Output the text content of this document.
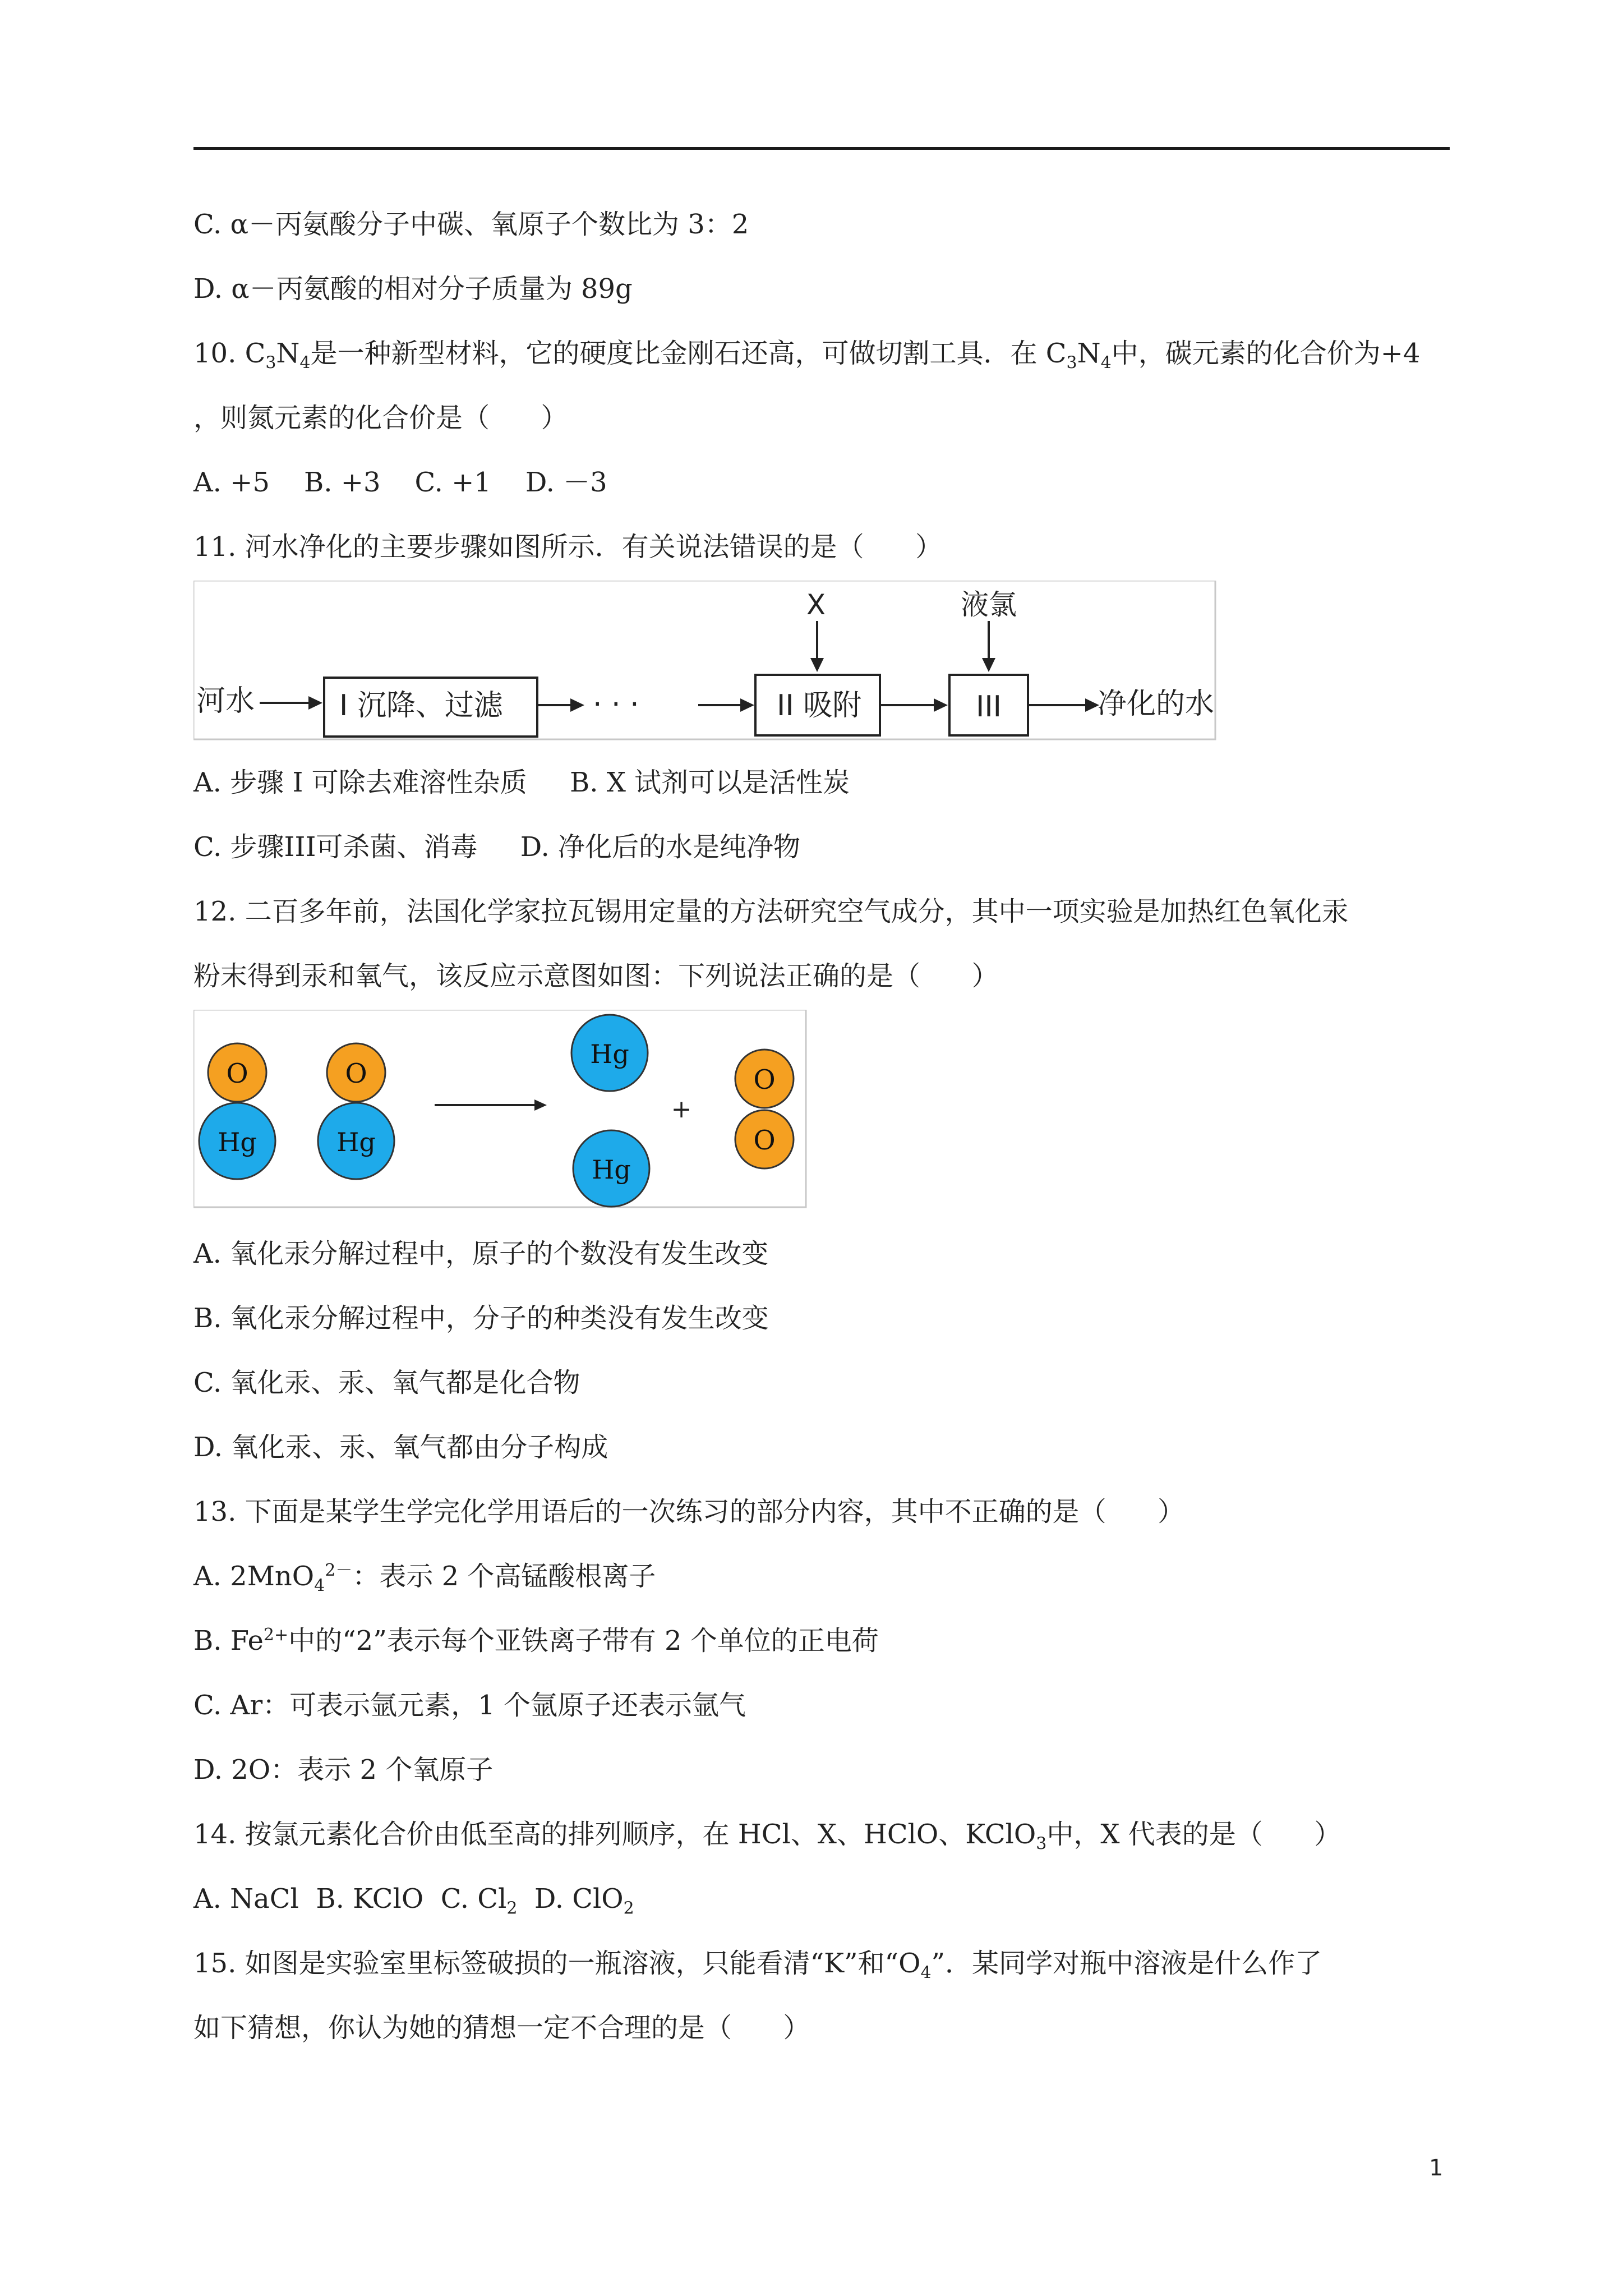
C. α－丙氨酸分子中碳、氧原子个数比为 3：2
D. α－丙氨酸的相对分子质量为 89g
10. $C_3N_4$是一种新型材料，它的硬度比金刚石还高，可做切割工具．在 $C_3N_4$中，碳元素的化合价为+4
，则氮元素的化合价是（      ）
A. +5    B. +3    C. +1    D. －3
11. 河水净化的主要步骤如图所示．有关说法错误的是（      ）
河水	I 沉降、过滤	· · ·	II 吸附
X
III
液氯
净化的水
A. 步骤 I 可除去难溶性杂质     B. X 试剂可以是活性炭
C. 步骤III可杀菌、消毒     D. 净化后的水是纯净物
12. 二百多年前，法国化学家拉瓦锡用定量的方法研究空气成分，其中一项实验是加热红色氧化汞
粉末得到汞和氧气，该反应示意图如图：下列说法正确的是（      ）
O
Hg
O
Hg
Hg
Hg
+
O
O
A. 氧化汞分解过程中，原子的个数没有发生改变
B. 氧化汞分解过程中，分子的种类没有发生改变
C. 氧化汞、汞、氧气都是化合物
D. 氧化汞、汞、氧气都由分子构成
13. 下面是某学生学完化学用语后的一次练习的部分内容，其中不正确的是（      ）
A. 2MnO$_4^{2-}$：表示 2 个高锰酸根离子
B. $Fe^{2+}$中的“2”表示每个亚铁离子带有 2 个单位的正电荷
C. Ar：可表示氩元素，1 个氩原子还表示氩气
D. 2O：表示 2 个氧原子
14. 按氯元素化合价由低至高的排列顺序，在 HCl、X、HClO、KClO$_3$中，X 代表的是（      ）
A. NaCl  B. KClO  C. $Cl_2$  D. ClO$_2$
15. 如图是实验室里标签破损的一瓶溶液，只能看清“K”和“$O_4$”．某同学对瓶中溶液是什么作了
如下猜想，你认为她的猜想一定不合理的是（      ）
1
